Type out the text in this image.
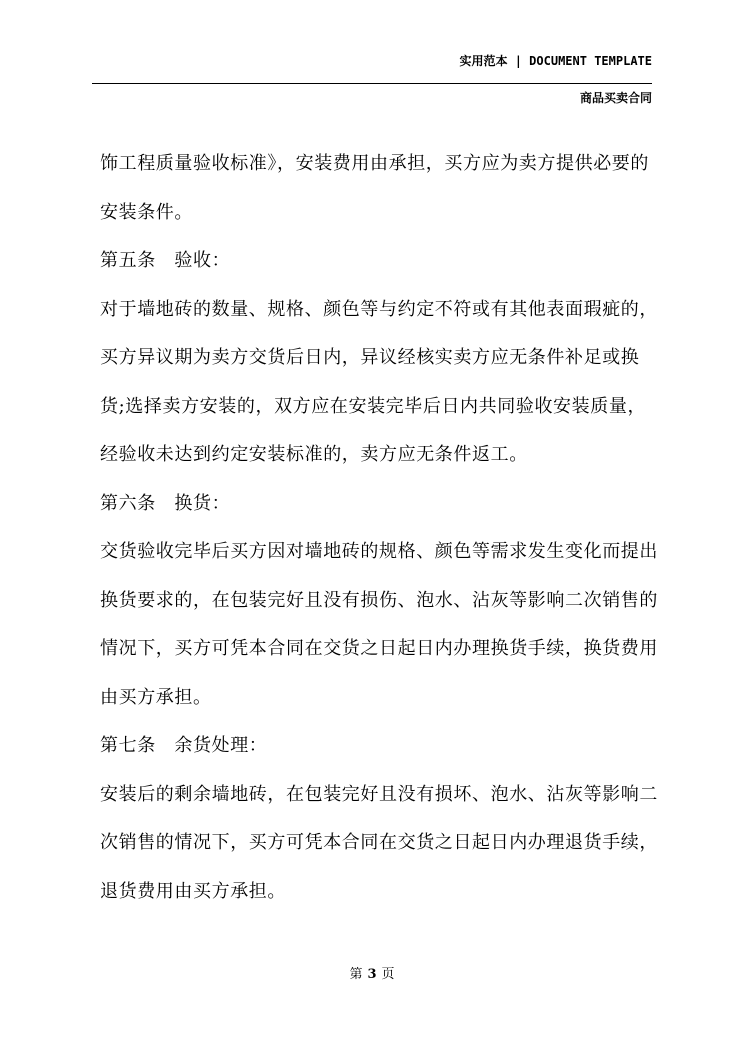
实用范本 | DOCUMENT TEMPLATE
商品买卖合同

饰工程质量验收标准》，安装费用由承担，买方应为卖方提供必要的安装条件。

第五条　验收：

对于墙地砖的数量、规格、颜色等与约定不符或有其他表面瑕疵的，买方异议期为卖方交货后日内，异议经核实卖方应无条件补足或换货;选择卖方安装的，双方应在安装完毕后日内共同验收安装质量，经验收未达到约定安装标准的，卖方应无条件返工。

第六条　换货：

交货验收完毕后买方因对墙地砖的规格、颜色等需求发生变化而提出换货要求的，在包装完好且没有损伤、泡水、沾灰等影响二次销售的情况下，买方可凭本合同在交货之日起日内办理换货手续，换货费用由买方承担。

第七条　余货处理：

安装后的剩余墙地砖，在包装完好且没有损坏、泡水、沾灰等影响二次销售的情况下，买方可凭本合同在交货之日起日内办理退货手续，退货费用由买方承担。

第 3 页
